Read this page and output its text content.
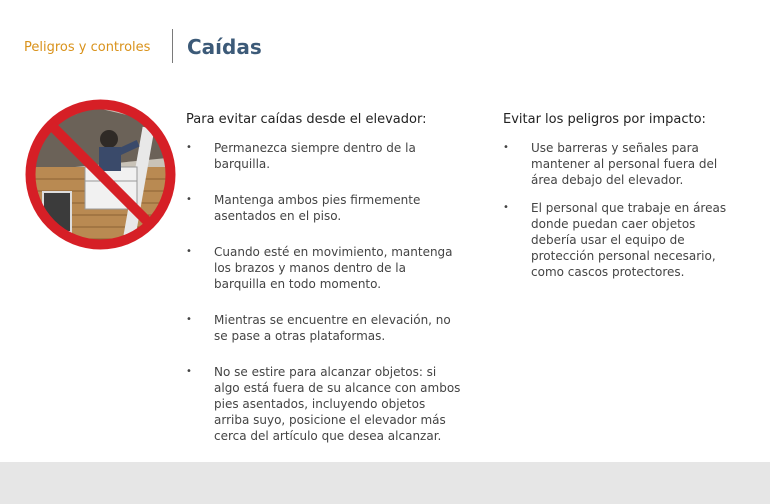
Peligros y controles Caídas
Para evitar caídas desde el elevador:
• Permanezca siempre dentro de la barquilla.
• Mantenga ambos pies firmemente asentados en el piso.
• Cuando esté en movimiento, mantenga los brazos y manos dentro de la barquilla en todo momento.
• Mientras se encuentre en elevación, no se pase a otras plataformas.
• No se estire para alcanzar objetos: si algo está fuera de su alcance con ambos pies asentados, incluyendo objetos arriba suyo, posicione el elevador más cerca del artículo que desea alcanzar.
Evitar los peligros por impacto:
• Use barreras y señales para mantener al personal fuera del área debajo del elevador.
• El personal que trabaje en áreas donde puedan caer objetos debería usar el equipo de protección personal necesario, como cascos protectores.
